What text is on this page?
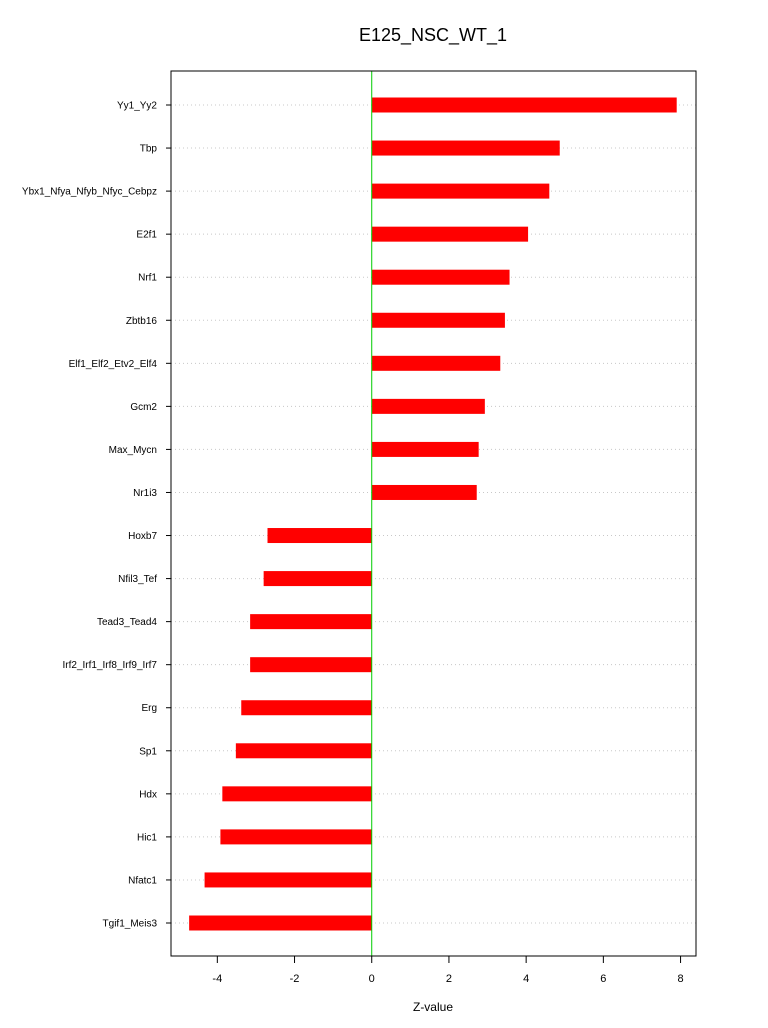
E125_NSC_WT_1
Yy1_Yy2
Tbp
Ybx1_Nfya_Nfyb_Nfyc_Cebpz
E2f1
Nrf1
Zbtb16
Elf1_Elf2_Etv2_Elf4
Gcm2
Max_Mycn
Nr1i3
Hoxb7
Nfil3_Tef
Tead3_Tead4
Irf2_Irf1_Irf8_Irf9_Irf7
Erg
Sp1
Hdx
Hic1
Nfatc1
Tgif1_Meis3
-4	-2	0	2	4	6	8
Z-value
